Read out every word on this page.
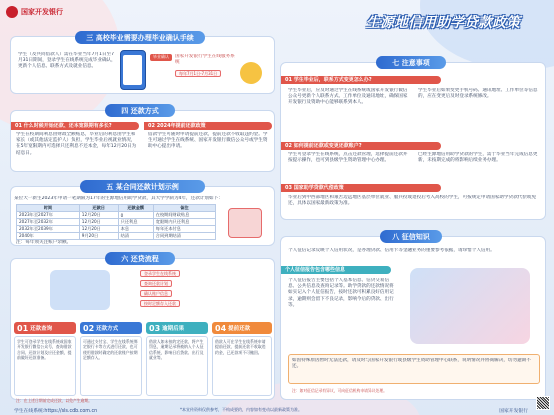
国家开发银行
生源地信用助学贷款政策
三 高校毕业需要办理毕业确认手续
学生（及共同借款人）需在毕业当年7月1日至7月31日期间，登录学生在线系统完成毕业确认，更新个人信息、联系方式及就业信息。
毕业确认	国家开发银行学生在线服务系统
每年7月1日-7月31日
四 还款方式
01 什么时候开始还款、还本宽限期有多长?
学生在校期间利息由财政全额贴息，毕业后的利息由学生和家长（或其他法定监护人）负担，学生毕业后视就业情况，在5年宽限期内可选择只还利息不还本金，每年12月20日为结息日。
02 2024年提前还款政策
借款学生可随时申请提前还款，提前还款不收取违约金。学生可通过学生在线系统、国家开发银行微信公众号或学生资助中心提出申请。
五 某合同还款计划示例
某位大一新生2023年申请一笔期限为17年的生源地信用助学贷款，其大学学制为4年，还款计划如下：
时间	还款日	还款金额	备注
2023年至2027年	12月20日	0	在校期间财政贴息
2027年至2032年	12月20日	只还利息	宽限期内只还利息
2032年至2039年	12月20日	本息	每年还本付息
2040年	9月20日	结清	合同到期结清
注：每年须关注账户余额。
六 还贷流程
登录学生在线系统
查询还款计划
确认账户信息
按时足额存入还款
01 还款查询
学生可登录学生在线系统或国家开发银行微信公众号，查询借款合同、还款计划及应还金额，提前做好还款准备。
02 还款方式
可通过支付宝、学生在线系统绑定银行卡等方式进行还款，也可使用借款时确定的还款账户按期足额存入。
03 逾期后果
借款人如未按约定还款，将产生罚息，逾期记录将被纳入个人征信系统，影响日后贷款、出行及就业等。
04 提前还款
借款人可在学生在线系统申请提前还款，提前还款不收取违约金，已还款项不可撤回。
注：在上述日期前完成还款，以免产生逾期。
七 注意事项
01 学生毕业后，联系方式变更怎么办?
学生毕业后，应及时通过学生在线系统或国家开发银行微信公众号更新个人联系方式、工作单位及通讯地址，确保国家开发银行及资助中心能够联系到本人。
学生毕业后如果变更手机号码、通讯地址、工作单位等信息的，应在变更后及时登录系统修改。
02 如何提前还款或变更还款账户?
学生可登录学生在线系统，点击还款管理，选择提前还款并按提示操作，也可到县级学生资助管理中心办理。
已经生源地信用助学贷款的学生，需于毕业当年完成信息更新，未按期完成的将影响后续业务办理。
03 国家助学贷款代偿政策
毕业后到中西部地区和艰苦边远地区基层单位就业、服兵役或退役后考入高校的学生，可按规定申请国家助学贷款代偿或免还，具体以国家最新政策为准。
八 征信知识
个人征信记录反映个人信用状况，是办理贷款、信用卡等金融业务的重要参考依据，请珍惜个人信用。
个人征信报告包含哪些信息
个人征信报告主要包括个人基本信息、信贷交易信息、公共信息及查询记录等。助学贷款的还款情况将如实记入个人征信报告，按时还款可积累良好信用记录，逾期则会留下不良记录，影响今后的贷款、出行等。
如因特殊原因暂时无法还款，请及时与国家开发银行或县级学生资助管理中心联系，说明情况并协商解决，切勿逾期不还。
注：如对征信记录有异议，可向征信机构申请异议处理。
学生在线系统:https://sls.cdb.com.cn	*本宣传资料仅供参考，不构成要约，内容如有变动以最新政策为准。	国家开发银行
